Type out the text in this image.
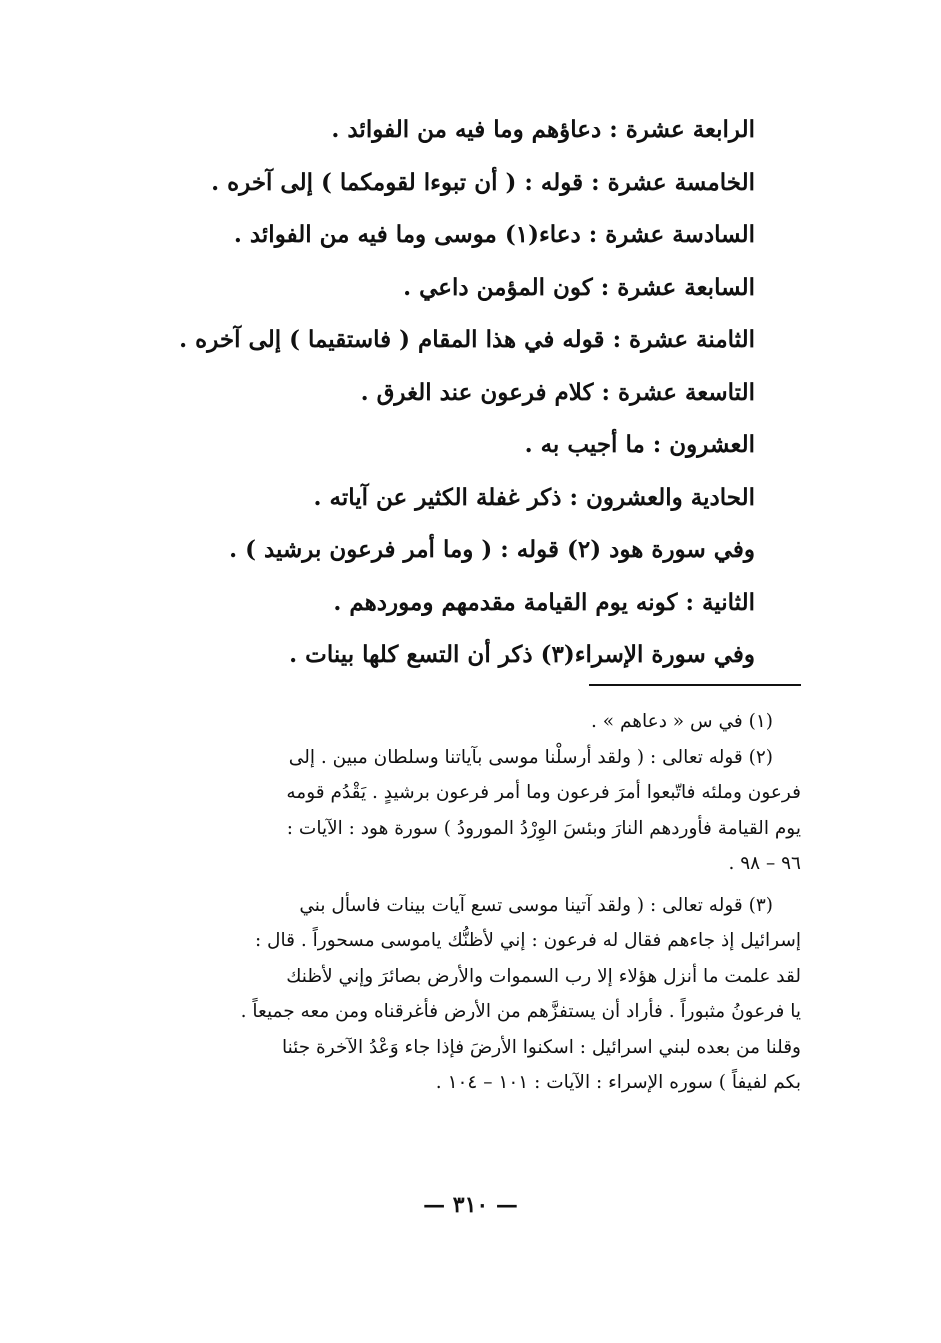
الرابعة عشرة : دعاؤهم وما فيه من الفوائد .
الخامسة عشرة : قوله : ( أن تبوءا لقومكما ) إلى آخره .
السادسة عشرة : دعاء(١) موسى وما فيه من الفوائد .
السابعة عشرة : كون المؤمن داعي .
الثامنة عشرة : قوله في هذا المقام ( فاستقيما ) إلى آخره .
التاسعة عشرة : كلام فرعون عند الغرق .
العشرون : ما أجيب به .
الحادية والعشرون : ذكر غفلة الكثير عن آياته .
وفي سورة هود (٢) قوله : ( وما أمر فرعون برشيد ) .
الثانية : كونه يوم القيامة مقدمهم وموردهم .
وفي سورة الإسراء(٣) ذكر أن التسع كلها بينات .
(١) في س « دعاهم » .
(٢) قوله تعالى : ( ولقد أرسلْنا موسى بآياتنا وسلطان مبين . إلى
فرعون وملئه فاتّبعوا أمرَ فرعون وما أمر فرعون برشيدٍ . يَقْدُم قومه
يوم القيامة فأوردهم النارَ وبئسَ الوِرْدُ المورودُ ) سورة هود : الآيات :
٩٦ – ٩٨ .
(٣) قوله تعالى : ( ولقد آتينا موسى تسع آيات بينات فاسأل بني
إسرائيل إذ جاءهم فقال له فرعون : إني لأظنُّك ياموسى مسحوراً . قال :
لقد علمت ما أنزل هؤلاء إلا رب السموات والأرض بصائرَ وإني لأظنك
يا فرعونُ مثبوراً . فأراد أن يستفزَّهم من الأرض فأغرقناه ومن معه جميعاً .
وقلنا من بعده لبني اسرائيل : اسكنوا الأرضَ فإذا جاء وَعْدُ الآخرة جئنا
بكم لفيفاً ) سوره الإسراء : الآيات : ١٠١ – ١٠٤ .
— ٣١٠ —
